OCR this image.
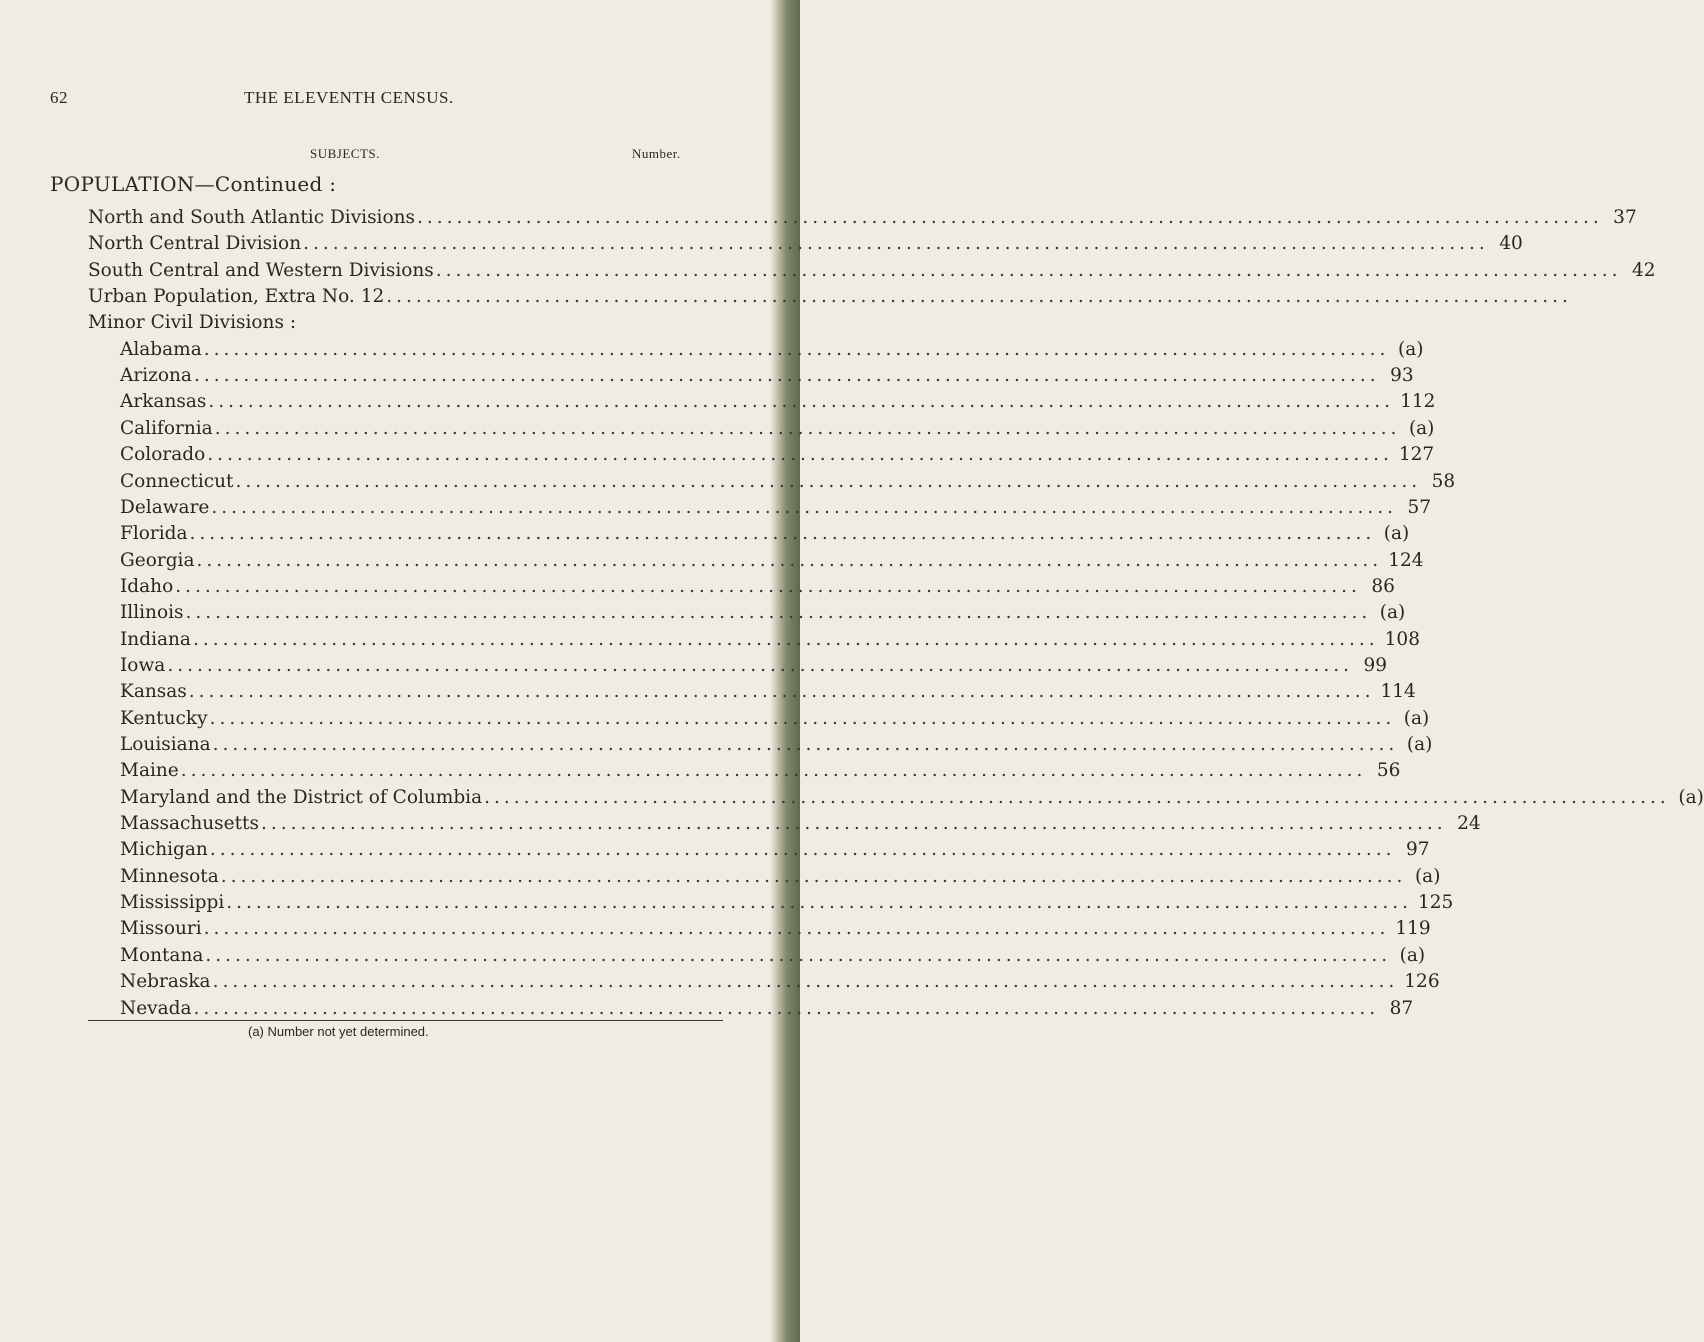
62	THE ELEVENTH CENSUS.
SUBJECTS.	Number.
POPULATION—Continued :
North and South Atlantic Divisions ........................................................................................................................ 37
North Central Division ........................................................................................................................ 40
South Central and Western Divisions ........................................................................................................................ 42
Urban Population, Extra No. 12 ........................................................................................................................
Minor Civil Divisions :
Alabama ........................................................................................................................ (a)
Arizona ........................................................................................................................ 93
Arkansas ........................................................................................................................ 112
California ........................................................................................................................ (a)
Colorado ........................................................................................................................ 127
Connecticut ........................................................................................................................ 58
Delaware ........................................................................................................................ 57
Florida ........................................................................................................................ (a)
Georgia ........................................................................................................................ 124
Idaho ........................................................................................................................ 86
Illinois ........................................................................................................................ (a)
Indiana ........................................................................................................................ 108
Iowa ........................................................................................................................ 99
Kansas ........................................................................................................................ 114
Kentucky ........................................................................................................................ (a)
Louisiana ........................................................................................................................ (a)
Maine ........................................................................................................................ 56
Maryland and the District of Columbia ........................................................................................................................ (a)
Massachusetts ........................................................................................................................ 24
Michigan ........................................................................................................................ 97
Minnesota ........................................................................................................................ (a)
Mississippi ........................................................................................................................ 125
Missouri ........................................................................................................................ 119
Montana ........................................................................................................................ (a)
Nebraska ........................................................................................................................ 126
Nevada ........................................................................................................................ 87
(a) Number not yet determined.
